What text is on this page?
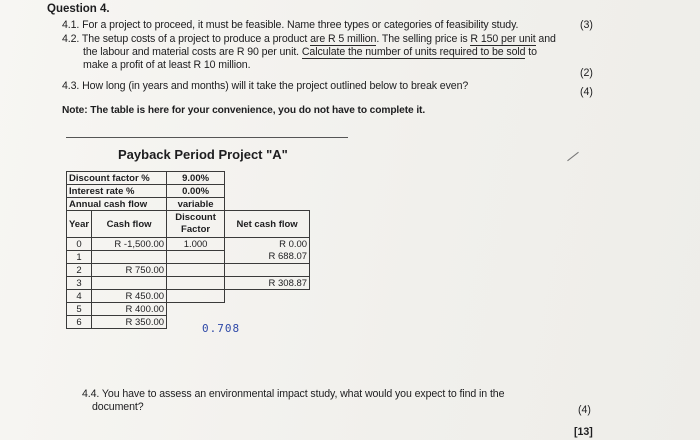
Question 4.
4.1. For a project to proceed, it must be feasible. Name three types or categories of feasibility study.	(3)
4.2. The setup costs of a project to produce a product are R 5 million. The selling price is R 150 per unit and
the labour and material costs are R 90 per unit. Calculate the number of units required to be sold to
make a profit of at least R 10 million.
(2)
4.3. How long (in years and months) will it take the project outlined below to break even?	(4)
Note: The table is here for your convenience, you do not have to complete it.
Payback Period Project "A"
Discount factor %		9.00%	
Interest rate %		0.00%	
Annual cash flow		variable	
Year	Cash flow	Discount
Factor	Net cash flow
0	R -1,500.00	1.000	R 0.00
1			R 688.07
2	R 750.00		
3			R 308.87
4	R 450.00		
5	R 400.00		
6	R 350.00			0.708
4.4. You have to assess an environmental impact study, what would you expect to find in the
document?	(4)
[13]
